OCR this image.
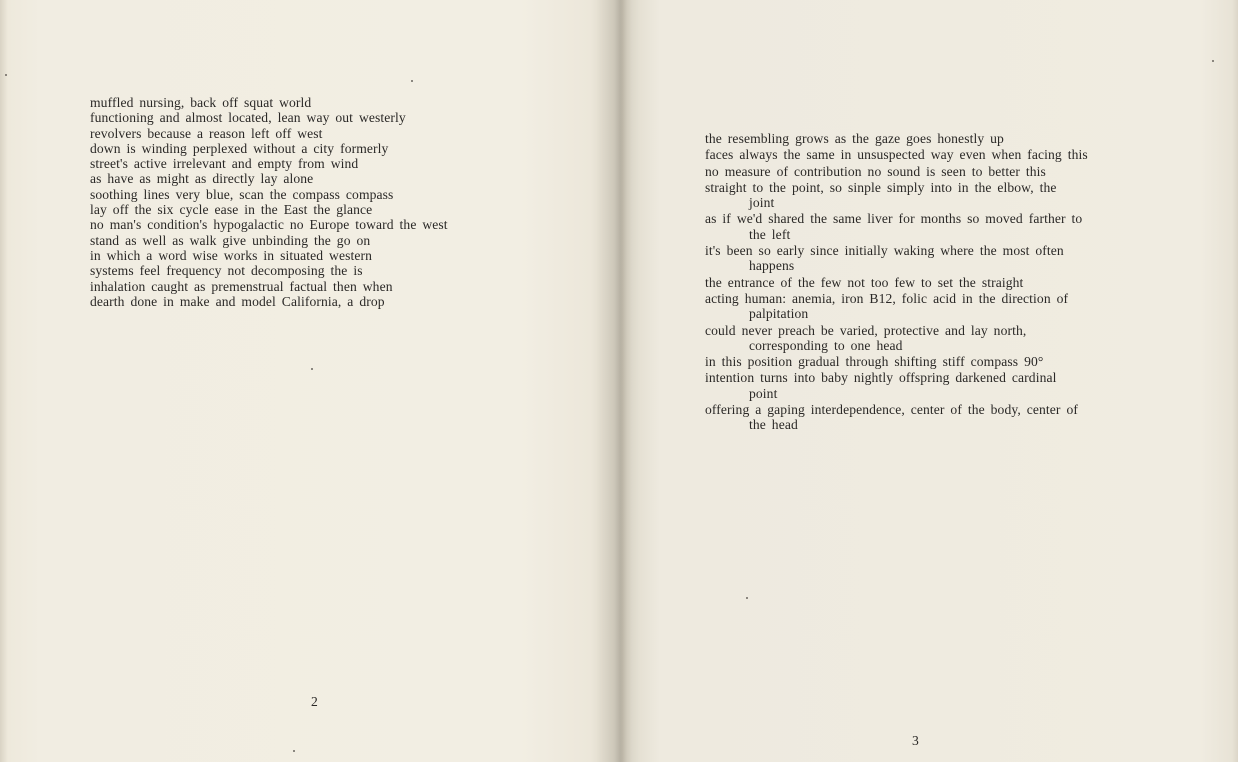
muffled nursing, back off squat world
functioning and almost located, lean way out westerly
revolvers because a reason left off west
down is winding perplexed without a city formerly
street's active irrelevant and empty from wind
as have as might as directly lay alone
soothing lines very blue, scan the compass compass
lay off the six cycle ease in the East the glance
no man's condition's hypogalactic no Europe toward the west
stand as well as walk give unbinding the go on
in which a word wise works in situated western
systems feel frequency not decomposing the is
inhalation caught as premenstrual factual then when
dearth done in make and model California, a drop
2
the resembling grows as the gaze goes honestly up
faces always the same in unsuspected way even when facing this
no measure of contribution no sound is seen to better this
straight to the point, so sinple simply into in the elbow, the
joint
as if we'd shared the same liver for months so moved farther to
the left
it's been so early since initially waking where the most often
happens
the entrance of the few not too few to set the straight
acting human: anemia, iron B12, folic acid in the direction of
palpitation
could never preach be varied, protective and lay north,
corresponding to one head
in this position gradual through shifting stiff compass 90°
intention turns into baby nightly offspring darkened cardinal
point
offering a gaping interdependence, center of the body, center of
the head
3
